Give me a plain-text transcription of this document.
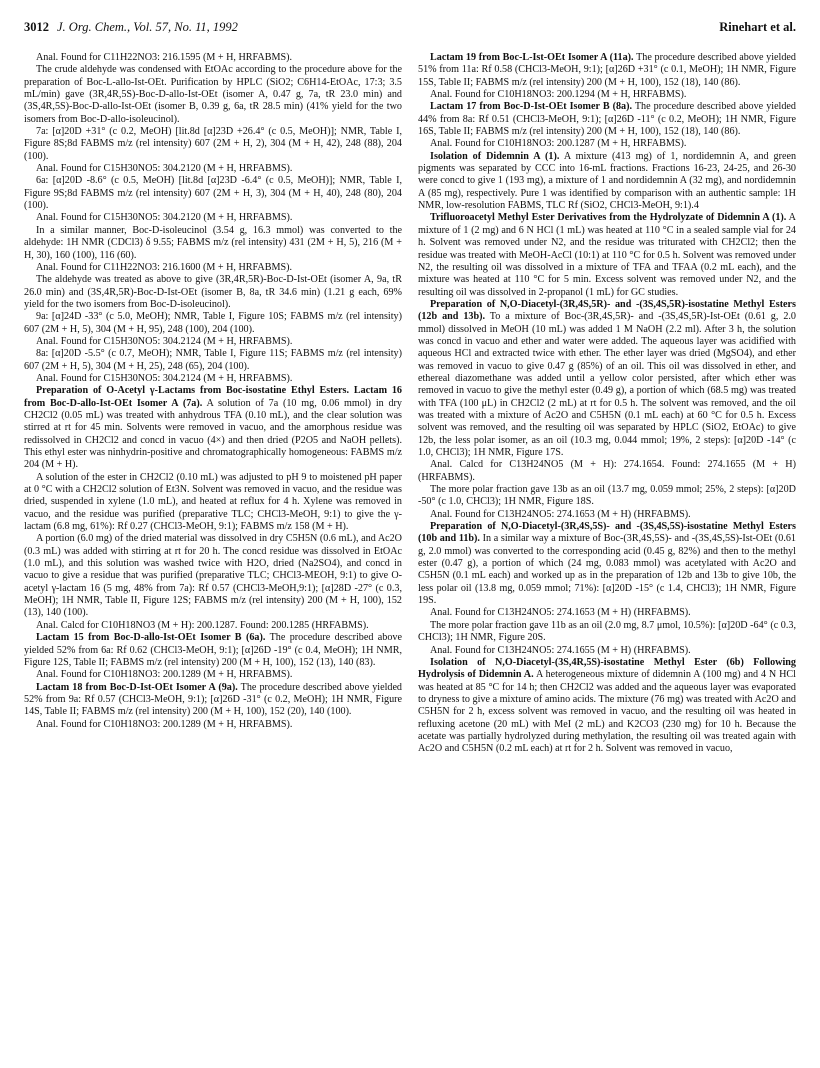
3012 J. Org. Chem., Vol. 57, No. 11, 1992	Rinehart et al.

Anal. Found for C11H22NO3: 216.1595 (M + H, HRFABMS).

The crude aldehyde was condensed with EtOAc according to the procedure above for the preparation of Boc-L-allo-Ist-OEt. Purification by HPLC (SiO2; C6H14-EtOAc, 17:3; 3.5 mL/min) gave (3R,4R,5S)-Boc-D-allo-Ist-OEt (isomer A, 0.47 g, 7a, tR 23.0 min) and (3S,4R,5S)-Boc-D-allo-Ist-OEt (isomer B, 0.39 g, 6a, tR 28.5 min) (41% yield for the two isomers from Boc-D-allo-isoleucinol).

7a: [α]20D +31° (c 0.2, MeOH) [lit.8d [α]23D +26.4° (c 0.5, MeOH)]; NMR, Table I, Figure 8S;8d FABMS m/z (rel intensity) 607 (2M + H, 2), 304 (M + H, 42), 248 (88), 204 (100).

Anal. Found for C15H30NO5: 304.2120 (M + H, HRFABMS).

6a: [α]20D -8.6° (c 0.5, MeOH) [lit.8d [α]23D -6.4° (c 0.5, MeOH)]; NMR, Table I, Figure 9S;8d FABMS m/z (rel intensity) 607 (2M + H, 3), 304 (M + H, 40), 248 (80), 204 (100).

Anal. Found for C15H30NO5: 304.2120 (M + H, HRFABMS).

In a similar manner, Boc-D-isoleucinol (3.54 g, 16.3 mmol) was converted to the aldehyde: 1H NMR (CDCl3) δ 9.55; FABMS m/z (rel intensity) 431 (2M + H, 5), 216 (M + H, 30), 160 (100), 116 (60).

Anal. Found for C11H22NO3: 216.1600 (M + H, HRFABMS).

The aldehyde was treated as above to give (3R,4R,5R)-Boc-D-Ist-OEt (isomer A, 9a, tR 26.0 min) and (3S,4R,5R)-Boc-D-Ist-OEt (isomer B, 8a, tR 34.6 min) (1.21 g each, 69% yield for the two isomers from Boc-D-isoleucinol).

9a: [α]24D -33° (c 5.0, MeOH); NMR, Table I, Figure 10S; FABMS m/z (rel intensity) 607 (2M + H, 5), 304 (M + H, 95), 248 (100), 204 (100).

Anal. Found for C15H30NO5: 304.2124 (M + H, HRFABMS).

8a: [α]20D -5.5° (c 0.7, MeOH); NMR, Table I, Figure 11S; FABMS m/z (rel intensity) 607 (2M + H, 5), 304 (M + H, 25), 248 (65), 204 (100).

Anal. Found for C15H30NO5: 304.2124 (M + H, HRFABMS).

Preparation of O-Acetyl γ-Lactams from Boc-isostatine Ethyl Esters. Lactam 16 from Boc-D-allo-Ist-OEt Isomer A (7a). A solution of 7a (10 mg, 0.06 mmol) in dry CH2Cl2 (0.05 mL) was treated with anhydrous TFA (0.10 mL), and the clear solution was stirred at rt for 45 min. Solvents were removed in vacuo, and the amorphous residue was redissolved in CH2Cl2 and concd in vacuo (4×) and then dried (P2O5 and NaOH pellets). This ethyl ester was ninhydrin-positive and chromatographically homogeneous: FABMS m/z 204 (M + H).

A solution of the ester in CH2Cl2 (0.10 mL) was adjusted to pH 9 to moistened pH paper at 0 °C with a CH2Cl2 solution of Et3N. Solvent was removed in vacuo, and the residue was dried, suspended in xylene (1.0 mL), and heated at reflux for 4 h. Xylene was removed in vacuo, and the residue was purified (preparative TLC; CHCl3-MeOH, 9:1) to give the γ-lactam (6.8 mg, 61%): Rf 0.27 (CHCl3-MeOH, 9:1); FABMS m/z 158 (M + H).

A portion (6.0 mg) of the dried material was dissolved in dry C5H5N (0.6 mL), and Ac2O (0.3 mL) was added with stirring at rt for 20 h. The concd residue was dissolved in EtOAc (1.0 mL), and this solution was washed twice with H2O, dried (Na2SO4), and concd in vacuo to give a residue that was purified (preparative TLC; CHCl3-MEOH, 9:1) to give O-acetyl γ-lactam 16 (5 mg, 48% from 7a): Rf 0.57 (CHCl3-MeOH,9:1); [α]28D -27° (c 0.3, MeOH); 1H NMR, Table II, Figure 12S; FABMS m/z (rel intensity) 200 (M + H, 100), 152 (13), 140 (100).

Anal. Calcd for C10H18NO3 (M + H): 200.1287. Found: 200.1285 (HRFABMS).

Lactam 15 from Boc-D-allo-Ist-OEt Isomer B (6a). The procedure described above yielded 52% from 6a: Rf 0.62 (CHCl3-MeOH, 9:1); [α]26D -19° (c 0.4, MeOH); 1H NMR, Figure 12S, Table II; FABMS m/z (rel intensity) 200 (M + H, 100), 152 (13), 140 (83).

Anal. Found for C10H18NO3: 200.1289 (M + H, HRFABMS).

Lactam 18 from Boc-D-Ist-OEt Isomer A (9a). The procedure described above yielded 52% from 9a: Rf 0.57 (CHCl3-MeOH, 9:1); [α]26D -31° (c 0.2, MeOH); 1H NMR, Figure 14S, Table II; FABMS m/z (rel intensity) 200 (M + H, 100), 152 (20), 140 (100).

Anal. Found for C10H18NO3: 200.1289 (M + H, HRFABMS).

Lactam 19 from Boc-L-Ist-OEt Isomer A (11a). The procedure described above yielded 51% from 11a: Rf 0.58 (CHCl3-MeOH, 9:1); [α]26D +31° (c 0.1, MeOH); 1H NMR, Figure 15S, Table II; FABMS m/z (rel intensity) 200 (M + H, 100), 152 (18), 140 (86).

Anal. Found for C10H18NO3: 200.1294 (M + H, HRFABMS).

Lactam 17 from Boc-D-Ist-OEt Isomer B (8a). The procedure described above yielded 44% from 8a: Rf 0.51 (CHCl3-MeOH, 9:1); [α]26D -11° (c 0.2, MeOH); 1H NMR, Figure 16S, Table II; FABMS m/z (rel intensity) 200 (M + H, 100), 152 (18), 140 (86).

Anal. Found for C10H18NO3: 200.1287 (M + H, HRFABMS).

Isolation of Didemnin A (1). A mixture (413 mg) of 1, nordidemnin A, and green pigments was separated by CCC into 16-mL fractions. Fractions 16-23, 24-25, and 26-30 were concd to give 1 (193 mg), a mixture of 1 and nordidemnin A (32 mg), and nordidemnin A (85 mg), respectively. Pure 1 was identified by comparison with an authentic sample: 1H NMR, low-resolution FABMS, TLC Rf (SiO2, CHCl3-MeOH, 9:1).4

Trifluoroacetyl Methyl Ester Derivatives from the Hydrolyzate of Didemnin A (1). A mixture of 1 (2 mg) and 6 N HCl (1 mL) was heated at 110 °C in a sealed sample vial for 24 h. Solvent was removed under N2, and the residue was triturated with CH2Cl2; then the residue was treated with MeOH-AcCl (10:1) at 110 °C for 0.5 h. Solvent was removed under N2, the resulting oil was dissolved in a mixture of TFA and TFAA (0.2 mL each), and the mixture was heated at 110 °C for 5 min. Excess solvent was removed under N2, and the resulting oil was dissolved in 2-propanol (1 mL) for GC studies.

Preparation of N,O-Diacetyl-(3R,4S,5R)- and -(3S,4S,5R)-isostatine Methyl Esters (12b and 13b). To a mixture of Boc-(3R,4S,5R)- and -(3S,4S,5R)-Ist-OEt (0.61 g, 2.0 mmol) dissolved in MeOH (10 mL) was added 1 M NaOH (2.2 ml). After 3 h, the solution was concd in vacuo and ether and water were added. The aqueous layer was acidified with aqueous HCl and extracted twice with ether. The ether layer was dried (MgSO4), and ether was removed in vacuo to give 0.47 g (85%) of an oil. This oil was dissolved in ether, and ethereal diazomethane was added until a yellow color persisted, after which ether was removed in vacuo to give the methyl ester (0.49 g), a portion of which (68.5 mg) was treated with TFA (100 μL) in CH2Cl2 (2 mL) at rt for 0.5 h. The solvent was removed, and the oil was treated with a mixture of Ac2O and C5H5N (0.1 mL each) at 60 °C for 0.5 h. Excess solvent was removed, and the resulting oil was separated by HPLC (SiO2, EtOAc) to give 12b, the less polar isomer, as an oil (10.3 mg, 0.044 mmol; 19%, 2 steps): [α]20D -14° (c 1.0, CHCl3); 1H NMR, Figure 17S.

Anal. Calcd for C13H24NO5 (M + H): 274.1654. Found: 274.1655 (M + H) (HRFABMS).

The more polar fraction gave 13b as an oil (13.7 mg, 0.059 mmol; 25%, 2 steps): [α]20D -50° (c 1.0, CHCl3); 1H NMR, Figure 18S.

Anal. Found for C13H24NO5: 274.1653 (M + H) (HRFABMS).

Preparation of N,O-Diacetyl-(3R,4S,5S)- and -(3S,4S,5S)-isostatine Methyl Esters (10b and 11b). In a similar way a mixture of Boc-(3R,4S,5S)- and -(3S,4S,5S)-Ist-OEt (0.61 g, 2.0 mmol) was converted to the corresponding acid (0.45 g, 82%) and then to the methyl ester (0.47 g), a portion of which (24 mg, 0.083 mmol) was acetylated with Ac2O and C5H5N (0.1 mL each) and worked up as in the preparation of 12b and 13b to give 10b, the less polar oil (13.8 mg, 0.059 mmol; 71%): [α]20D -15° (c 1.4, CHCl3); 1H NMR, Figure 19S.

Anal. Found for C13H24NO5: 274.1653 (M + H) (HRFABMS).

The more polar fraction gave 11b as an oil (2.0 mg, 8.7 μmol, 10.5%): [α]20D -64° (c 0.3, CHCl3); 1H NMR, Figure 20S.

Anal. Found for C13H24NO5: 274.1655 (M + H) (HRFABMS).

Isolation of N,O-Diacetyl-(3S,4R,5S)-isostatine Methyl Ester (6b) Following Hydrolysis of Didemnin A. A heterogeneous mixture of didemnin A (100 mg) and 4 N HCl was heated at 85 °C for 14 h; then CH2Cl2 was added and the aqueous layer was evaporated to dryness to give a mixture of amino acids. The mixture (76 mg) was treated with Ac2O and C5H5N for 2 h, excess solvent was removed in vacuo, and the resulting oil was heated in refluxing acetone (20 mL) with MeI (2 mL) and K2CO3 (230 mg) for 10 h. Because the acetate was partially hydrolyzed during methylation, the resulting oil was treated again with Ac2O and C5H5N (0.2 mL each) at rt for 2 h. Solvent was removed in vacuo,
